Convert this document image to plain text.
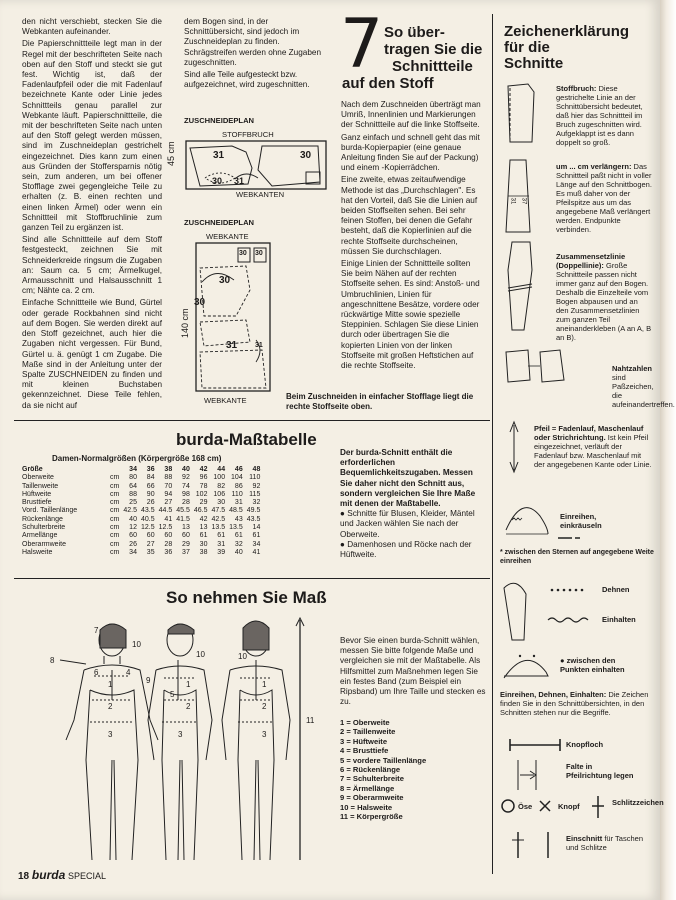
den nicht verschiebt, stecken Sie die Webkanten aufeinander.

Die Papierschnittteile legt man in der Regel mit der beschrifteten Seite nach oben auf den Stoff und steckt sie gut fest. Wichtig ist, daß der Fadenlaufpfeil oder die mit Fadenlauf bezeichnete Kante oder Linie jedes Schnittteils genau parallel zur Webkante läuft. Papierschnittteile, die mit der beschrifteten Seite nach unten auf den Stoff gelegt werden müssen, sind im Zuschneideplan gestrichelt eingezeichnet. Dies kann zum einen aus Gründen der Stoffersparnis nötig sein, zum anderen, um bei offener Stofflage zwei gegengleiche Teile zu erhalten (z. B. einen rechten und einen linken Ärmel) oder wenn ein Schnittteil mit Stoffbruchlinie zum ganzen Teil zu ergänzen ist.

Sind alle Schnittteile auf dem Stoff festgesteckt, zeichnen Sie mit Schneiderkreide ringsum die Zugaben an: Saum ca. 5 cm; Ärmelkugel, Armausschnitt und Halsausschnitt 1 cm; Nähte ca. 2 cm.

Einfache Schnittteile wie Bund, Gürtel oder gerade Rockbahnen sind nicht auf dem Bogen. Sie werden direkt auf den Stoff gezeichnet, auch hier die Zugaben nicht vergessen. Für Bund, Gürtel u. ä. genügt 1 cm Zugabe. Die Maße sind in der Anleitung unter der Spalte ZUSCHNEIDEN zu finden und mit kleinen Buchstaben gekennzeichnet. Diese Teile fehlen, da sie nicht auf

dem Bogen sind, in der Schnittübersicht, sind jedoch im Zuschneideplan zu finden. Schrägstreifen werden ohne Zugaben zugeschnitten.

Sind alle Teile aufgesteckt bzw. aufgezeichnet, wird zugeschnitten.

ZUSCHNEIDEPLAN
STOFFBRUCH
45 cm	31	30
30 31
WEBKANTEN
ZUSCHNEIDEPLAN
WEBKANTE
140 cm
30 30
30
30
31	31
WEBKANTE	Beim Zuschneiden in einfacher Stofflage liegt die rechte Stoffseite oben.
7 So über-
tragen Sie die
Schnittteile
auf den Stoff

Nach dem Zuschneiden überträgt man Umriß, Innenlinien und Markierungen der Schnittteile auf die linke Stoffseite.

Ganz einfach und schnell geht das mit burda-Kopierpapier (eine genaue Anleitung finden Sie auf der Packung) und einem -Kopierrädchen.

Eine zweite, etwas zeitaufwendige Methode ist das „Durchschlagen". Es hat den Vorteil, daß Sie die Linien auf beiden Stoffseiten sehen. Bei sehr feinen Stoffen, bei denen die Gefahr besteht, daß die Kopierlinien auf die rechte Stoffseite durchscheinen, müssen Sie durchschlagen.

Einige Linien der Schnittteile sollten Sie beim Nähen auf der rechten Stoffseite sehen. Es sind: Anstoß- und Umbruchlinien, Linien für angeschnittene Besätze, vordere oder rückwärtige Mitte sowie spezielle Steppinien. Schlagen Sie diese Linien durch oder übertragen Sie die kopierten Linien von der linken Stoffseite mit großen Heftstichen auf die rechte Stoffseite.

Zeichenerklärung
für die
Schnitte
31 37
Stoffbruch: Diese gestrichelte Linie an der Schnittübersicht bedeutet, daß hier das Schnittteil im Bruch zugeschnitten wird. Aufgeklappt ist es dann doppelt so groß.
um ... cm verlängern: Das Schnittteil paßt nicht in voller Länge auf den Schnittbogen. Es muß daher von der Pfeilspitze aus um das angegebene Maß verlängert werden. Endpunkte verbinden.
Zusammensetzlinie (Doppellinie): Große Schnittteile passen nicht immer ganz auf den Bogen. Deshalb die Einzelteile vom Bogen abpausen und an den Zusammensetzlinien zum ganzen Teil aneinanderkleben (A an A, B an B).
Nahtzahlen sind Paßzeichen, die aufeinandertreffen.
Pfeil = Fadenlauf, Maschenlauf oder Strichrichtung. Ist kein Pfeil eingezeichnet, verläuft der Fadenlauf bzw. Maschenlauf mit der angegebenen Kante oder Linie.
Einreihen, einkräuseln
* zwischen den Sternen auf angegebene Weite einreihen
Dehnen
Einhalten
● zwischen den Punkten einhalten
Einreihen, Dehnen, Einhalten: Die Zeichen finden Sie in den Schnittübersichten, in den Schnitten stehen nur die Begriffe.
Knopfloch
Falte in Pfeilrichtung legen
Öse	Knopf	Schlitzzeichen
Einschnitt für Taschen und Schlitze
burda-Maßtabelle
Damen-Normalgrößen (Körpergröße 168 cm)
Größe		34	36	38	40	42	44	46	48
Oberweite	cm	80	84	88	92	96	100	104	110
Taillenweite	cm	64	66	70	74	78	82	86	92
Hüftweite	cm	88	90	94	98	102	106	110	115
Brusttiefe	cm	25	26	27	28	29	30	31	32
Vord. Taillenlänge	cm	42.5	43.5	44.5	45.5	46.5	47.5	48.5	49.5
Rückenlänge	cm	40	40.5	41	41.5	42	42.5	43	43.5
Schulterbreite	cm	12	12.5	12.5	13	13	13.5	13.5	14
Armellänge	cm	60	60	60	60	61	61	61	61
Oberarmweite	cm	26	27	28	29	30	31	32	34
Halsweite	cm	34	35	36	37	38	39	40	41
Der burda-Schnitt enthält die erforderlichen Bequemlichkeitszugaben. Messen Sie daher nicht den Schnitt aus, sondern vergleichen Sie Ihre Maße mit denen der Maßtabelle.
● Schnitte für Blusen, Kleider, Mäntel und Jacken wählen Sie nach der Oberweite.
● Damenhosen und Röcke nach der Hüftweite.
So nehmen Sie Maß
7
10
8
6	4
9
1
2
3
10
1
2
5
3
10
1
2
3
11
Bevor Sie einen burda-Schnitt wählen, messen Sie bitte folgende Maße und vergleichen sie mit der Maßtabelle. Als Hilfsmittel zum Maßnehmen legen Sie ein festes Band (zum Beispiel ein Ripsband) um Ihre Taille und stecken es zu.
1 = Oberweite
2 = Taillenweite
3 = Hüftweite
4 = Brusttiefe
5 = vordere Taillenlänge
6 = Rückenlänge
7 = Schulterbreite
8 = Ärmellänge
9 = Oberarmweite
10 = Halsweite
11 = Körpergröße
18 burda SPECIAL
